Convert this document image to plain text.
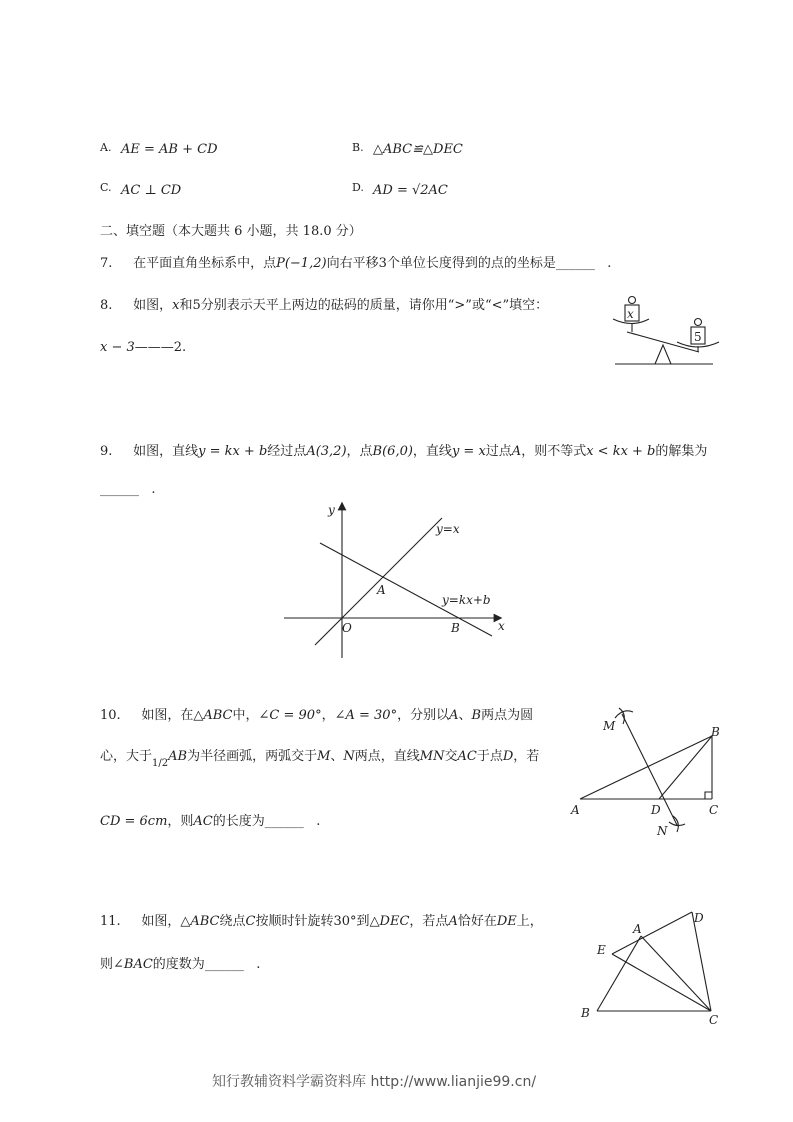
A. AE = AB + CD	B. △ABC≌△DEC
C. AC ⊥ CD	D. AD = √2AC
二、填空题（本大题共 6 小题，共 18.0 分）
7. 在平面直角坐标系中，点P(−1,2)向右平移3个单位长度得到的点的坐标是______ .
8. 如图，x和5分别表示天平上两边的砝码的质量，请你用“>”或“<”填空：
x − 3———2.
x
5
9. 如图，直线y = kx + b经过点A(3,2)，点B(6,0)，直线y = x过点A，则不等式x < kx + b的解集为
______ .
y
x
O
A
B
y=x
y=kx+b
10. 如图，在△ABC中，∠C = 90°，∠A = 30°，分别以A、B两点为圆
心，大于$_{1/2}$AB为半径画弧，两弧交于M、N两点，直线MN交AC于点D，若
CD = 6cm，则AC的长度为______ .
M	B
A	D	C
N
11. 如图，△ABC绕点C按顺时针旋转30°到△DEC，若点A恰好在DE上，
则∠BAC的度数为______ .
A
D
E
B	C
知行教辅资料学霸资料库 http://www.lianjie99.cn/
